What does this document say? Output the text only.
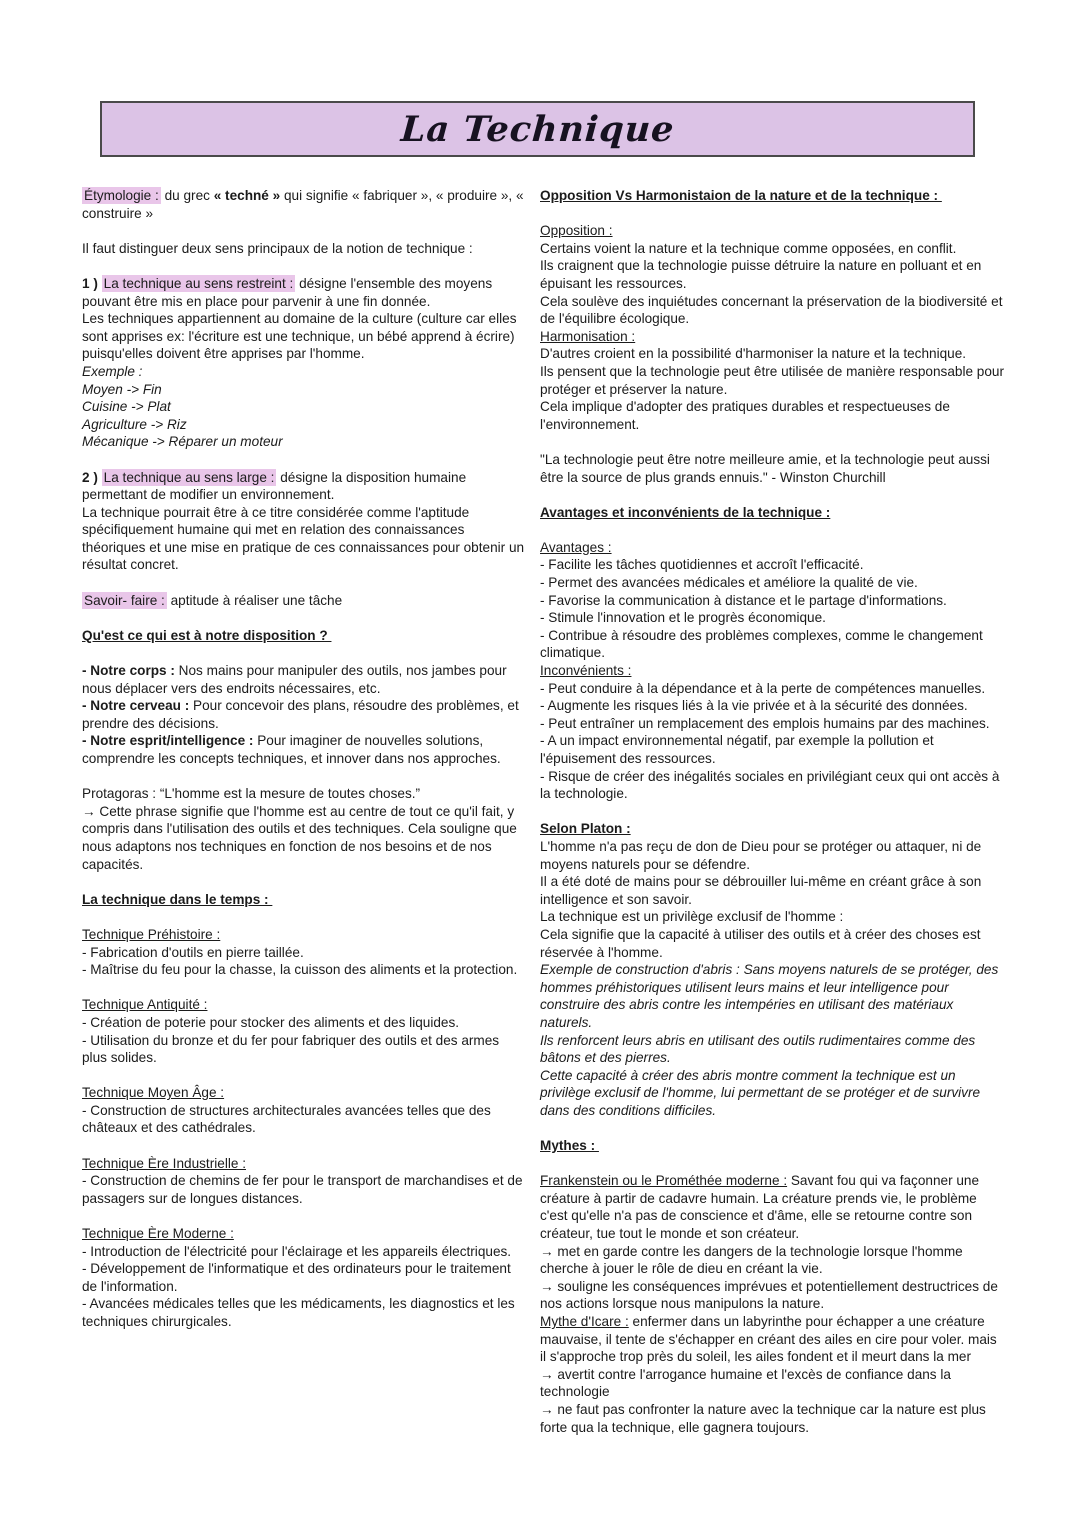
La Technique
Étymologie : du grec « techné » qui signifie « fabriquer », « produire », « construire »
Il faut distinguer deux sens principaux de la notion de technique :
1 ) La technique au sens restreint : désigne l'ensemble des moyens pouvant être mis en place pour parvenir à une fin donnée.
Les techniques appartiennent au domaine de la culture (culture car elles sont apprises ex: l'écriture est une technique, un bébé apprend à écrire) puisqu'elles doivent être apprises par l'homme.
Exemple :
Moyen -> Fin
Cuisine -> Plat
Agriculture -> Riz
Mécanique -> Réparer un moteur
2 ) La technique au sens large : désigne la disposition humaine permettant de modifier un environnement.
La technique pourrait être à ce titre considérée comme l'aptitude spécifiquement humaine qui met en relation des connaissances théoriques et une mise en pratique de ces connaissances pour obtenir un résultat concret.
Savoir- faire : aptitude à réaliser une tâche
Qu'est ce qui est à notre disposition ?
- Notre corps : Nos mains pour manipuler des outils, nos jambes pour nous déplacer vers des endroits nécessaires, etc.
- Notre cerveau : Pour concevoir des plans, résoudre des problèmes, et prendre des décisions.
- Notre esprit/intelligence : Pour imaginer de nouvelles solutions, comprendre les concepts techniques, et innover dans nos approches.
Protagoras : “L'homme est la mesure de toutes choses.”
→ Cette phrase signifie que l'homme est au centre de tout ce qu'il fait, y compris dans l'utilisation des outils et des techniques. Cela souligne que nous adaptons nos techniques en fonction de nos besoins et de nos capacités.
La technique dans le temps :
Technique Préhistoire :
- Fabrication d'outils en pierre taillée.
- Maîtrise du feu pour la chasse, la cuisson des aliments et la protection.
Technique Antiquité :
- Création de poterie pour stocker des aliments et des liquides.
- Utilisation du bronze et du fer pour fabriquer des outils et des armes plus solides.
Technique Moyen Âge :
- Construction de structures architecturales avancées telles que des châteaux et des cathédrales.
Technique Ère Industrielle :
- Construction de chemins de fer pour le transport de marchandises et de passagers sur de longues distances.
Technique Ère Moderne :
- Introduction de l'électricité pour l'éclairage et les appareils électriques.
- Développement de l'informatique et des ordinateurs pour le traitement de l'information.
- Avancées médicales telles que les médicaments, les diagnostics et les techniques chirurgicales.
Opposition Vs Harmonistaion de la nature et de la technique :
Opposition :
Certains voient la nature et la technique comme opposées, en conflit.
Ils craignent que la technologie puisse détruire la nature en polluant et en épuisant les ressources.
Cela soulève des inquiétudes concernant la préservation de la biodiversité et de l'équilibre écologique.
Harmonisation :
D'autres croient en la possibilité d'harmoniser la nature et la technique.
Ils pensent que la technologie peut être utilisée de manière responsable pour protéger et préserver la nature.
Cela implique d'adopter des pratiques durables et respectueuses de l'environnement.
"La technologie peut être notre meilleure amie, et la technologie peut aussi être la source de plus grands ennuis." - Winston Churchill
Avantages et inconvénients de la technique :
Avantages :
- Facilite les tâches quotidiennes et accroît l'efficacité.
- Permet des avancées médicales et améliore la qualité de vie.
- Favorise la communication à distance et le partage d'informations.
- Stimule l'innovation et le progrès économique.
- Contribue à résoudre des problèmes complexes, comme le changement climatique.
Inconvénients :
- Peut conduire à la dépendance et à la perte de compétences manuelles.
- Augmente les risques liés à la vie privée et à la sécurité des données.
- Peut entraîner un remplacement des emplois humains par des machines.
- A un impact environnemental négatif, par exemple la pollution et l'épuisement des ressources.
- Risque de créer des inégalités sociales en privilégiant ceux qui ont accès à la technologie.
Selon Platon :
L'homme n'a pas reçu de don de Dieu pour se protéger ou attaquer, ni de moyens naturels pour se défendre.
Il a été doté de mains pour se débrouiller lui-même en créant grâce à son intelligence et son savoir.
La technique est un privilège exclusif de l'homme :
Cela signifie que la capacité à utiliser des outils et à créer des choses est réservée à l'homme.
Exemple de construction d'abris : Sans moyens naturels de se protéger, des hommes préhistoriques utilisent leurs mains et leur intelligence pour construire des abris contre les intempéries en utilisant des matériaux naturels.
Ils renforcent leurs abris en utilisant des outils rudimentaires comme des bâtons et des pierres.
Cette capacité à créer des abris montre comment la technique est un privilège exclusif de l'homme, lui permettant de se protéger et de survivre dans des conditions difficiles.
Mythes :
Frankenstein ou le Prométhée moderne : Savant fou qui va façonner une créature à partir de cadavre humain. La créature prends vie, le problème c'est qu'elle n'a pas de conscience et d'âme, elle se retourne contre son créateur, tue tout le monde et son créateur.
→ met en garde contre les dangers de la technologie lorsque l'homme cherche à jouer le rôle de dieu en créant la vie.
→ souligne les conséquences imprévues et potentiellement destructrices de nos actions lorsque nous manipulons la nature.
Mythe d'Icare : enfermer dans un labyrinthe pour échapper a une créature mauvaise, il tente de s'échapper en créant des ailes en cire pour voler. mais il s'approche trop près du soleil, les ailes fondent et il meurt dans la mer
→ avertit contre l'arrogance humaine et l'excès de confiance dans la technologie
→ ne faut pas confronter la nature avec la technique car la nature est plus forte qua la technique, elle gagnera toujours.
